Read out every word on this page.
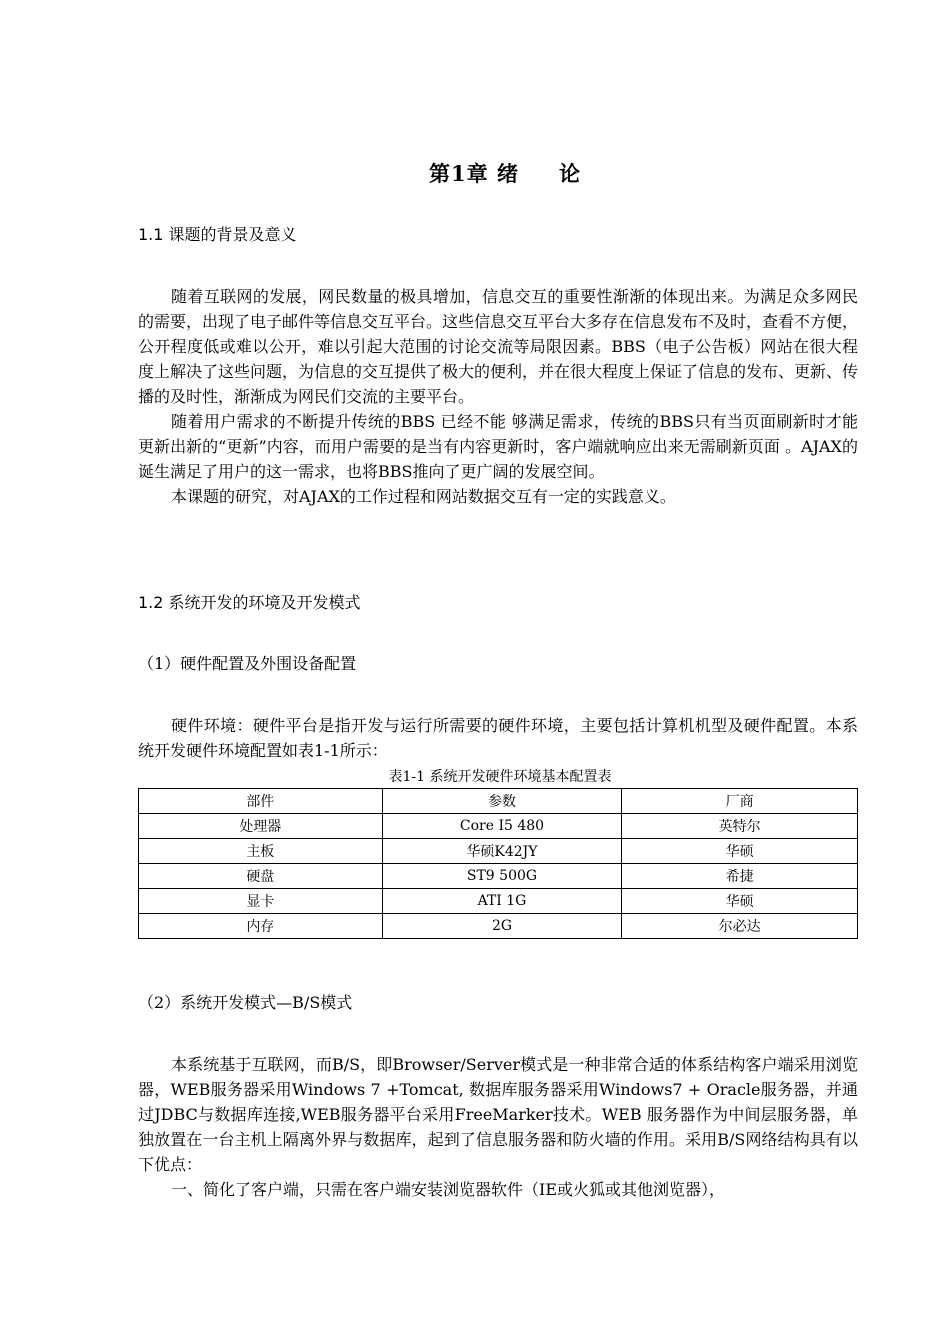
第1章 绪 论
1.1 课题的背景及意义

随着互联网的发展，网民数量的极具增加，信息交互的重要性渐渐的体现出来。为满足众多网民的需要，出现了电子邮件等信息交互平台。这些信息交互平台大多存在信息发布不及时，查看不方便，公开程度低或难以公开，难以引起大范围的讨论交流等局限因素。BBS（电子公告板）网站在很大程度上解决了这些问题，为信息的交互提供了极大的便利，并在很大程度上保证了信息的发布、更新、传播的及时性，渐渐成为网民们交流的主要平台。

随着用户需求的不断提升传统的BBS 已经不能 够满足需求，传统的BBS只有当页面刷新时才能更新出新的“更新”内容，而用户需要的是当有内容更新时，客户端就响应出来无需刷新页面 。AJAX的诞生满足了用户的这一需求，也将BBS推向了更广阔的发展空间。

本课题的研究，对AJAX的工作过程和网站数据交互有一定的实践意义。

1.2 系统开发的环境及开发模式
（1）硬件配置及外围设备配置

硬件环境：硬件平台是指开发与运行所需要的硬件环境，主要包括计算机机型及硬件配置。本系统开发硬件环境配置如表1-1所示：

表1-1 系统开发硬件环境基本配置表
部件	参数	厂商
处理器	Core I5 480	英特尔
主板	华硕K42JY	华硕
硬盘	ST9 500G	希捷
显卡	ATI 1G	华硕
内存	2G	尔必达
（2）系统开发模式—B/S模式

本系统基于互联网，而B/S，即Browser/Server模式是一种非常合适的体系结构客户端采用浏览器，WEB服务器采用Windows 7 +Tomcat, 数据库服务器采用Windows7 + Oracle服务器，并通过JDBC与数据库连接,WEB服务器平台采用FreeMarker技术。WEB 服务器作为中间层服务器，单独放置在一台主机上隔离外界与数据库，起到了信息服务器和防火墙的作用。采用B/S网络结构具有以下优点：

一、简化了客户端，只需在客户端安装浏览器软件（IE或火狐或其他浏览器），
